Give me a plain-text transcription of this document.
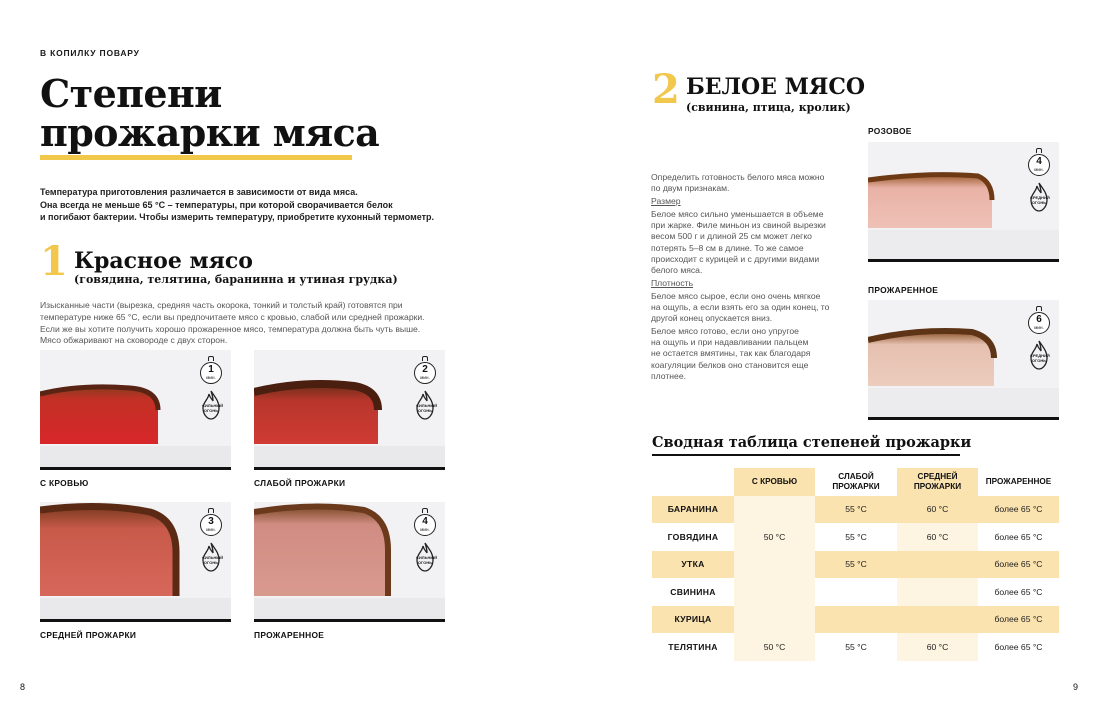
В КОПИЛКУ ПОВАРУ
Степени
прожарки мяса

Температура приготовления различается в зависимости от вида мяса.

Она всегда не меньше 65 °C – температуры, при которой сворачивается белок

и погибают бактерии. Чтобы измерить температуру, приобретите кухонный термометр.

1 Красное мясо
(говядина, телятина, баранинна и утиная грудка)
Изысканные части (вырезка, средняя часть окорока, тонкий и толстый край) готовятся при
температуре ниже 65 °C, если вы предпочитаете мясо с кровью, слабой или средней прожарки.
Если же вы хотите получить хорошо прожаренное мясо, температура должна быть чуть выше.
Мясо обжаривают на сковороде с двух сторон.
1
мин.
СИЛЬНЫЙ ОГОНЬ
С КРОВЬЮ
2
мин.
СИЛЬНЫЙ ОГОНЬ
СЛАБОЙ ПРОЖАРКИ
3
мин.
СИЛЬНЫЙ ОГОНЬ
СРЕДНЕЙ ПРОЖАРКИ
4
мин.
СИЛЬНЫЙ ОГОНЬ
ПРОЖАРЕННОЕ
8
2 БЕЛОЕ МЯСО
(свинина, птица, кролик)

Определить готовность белого мяса можно
по двум признакам.

Размер

Белое мясо сильно уменьшается в объеме
при жарке. Филе миньон из свиной вырезки
весом 500 г и длиной 25 см может легко
потерять 5–8 см в длине. То же самое
происходит с курицей и с другими видами
белого мяса.

Плотность

Белое мясо сырое, если оно очень мягкое
на ощупь, а если взять его за один конец, то
другой конец опускается вниз.

Белое мясо готово, если оно упругое
на ощупь и при надавливании пальцем
не остается вмятины, так как благодаря
коагуляции белков оно становится еще
плотнее.

РОЗОВОЕ
4
мин.
СРЕДНИЙ ОГОНЬ
ПРОЖАРЕННОЕ
6
мин.
СРЕДНИЙ ОГОНЬ
Сводная таблица степеней прожарки
	С КРОВЬЮ	СЛАБОЙ ПРОЖАРКИ	СРЕДНЕЙ ПРОЖАРКИ	ПРОЖАРЕННОЕ
БАРАНИНА		55 °C	60 °C	более 65 °C
ГОВЯДИНА	50 °C	55 °C	60 °C	более 65 °C
УТКА		55 °C		более 65 °C
СВИНИНА				более 65 °C
КУРИЦА				более 65 °C
ТЕЛЯТИНА	50 °C	55 °C	60 °C	более 65 °C
9
